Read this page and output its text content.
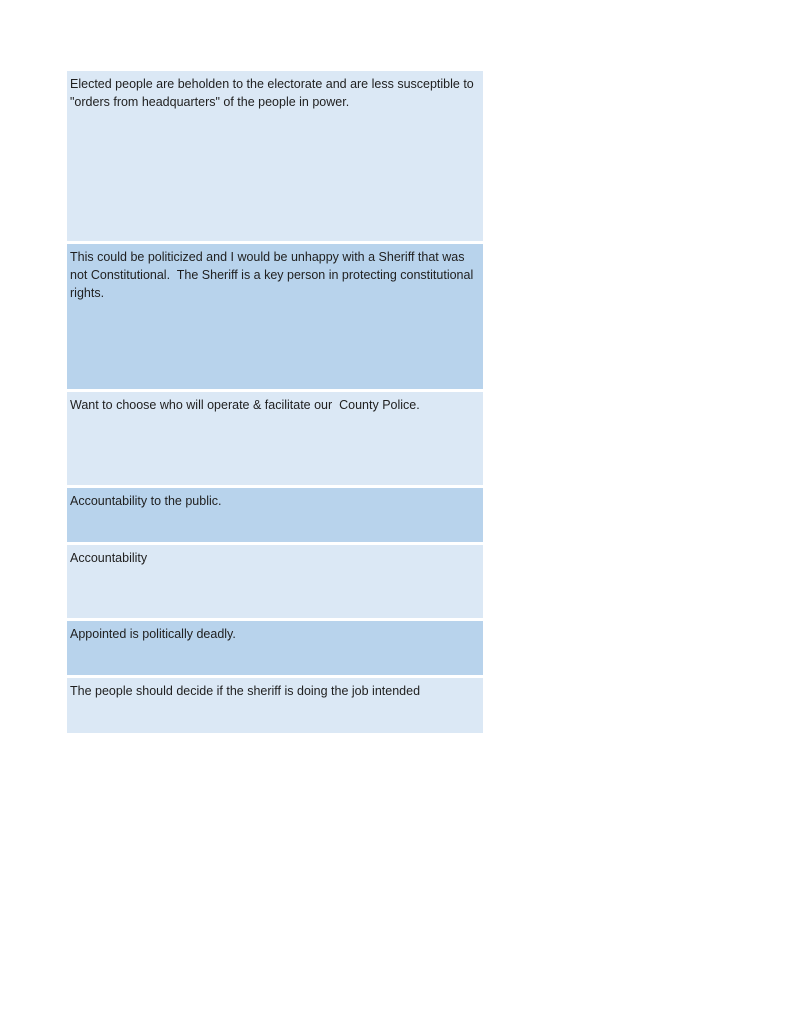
Elected people are beholden to the electorate and are less susceptible to "orders from headquarters" of the people in power.
This could be politicized and I would be unhappy with a Sheriff that was not Constitutional.  The Sheriff is a key person in protecting constitutional rights.
Want to choose who will operate & facilitate our  County Police.
Accountability to the public.
Accountability
Appointed is politically deadly.
The people should decide if the sheriff is doing the job intended
